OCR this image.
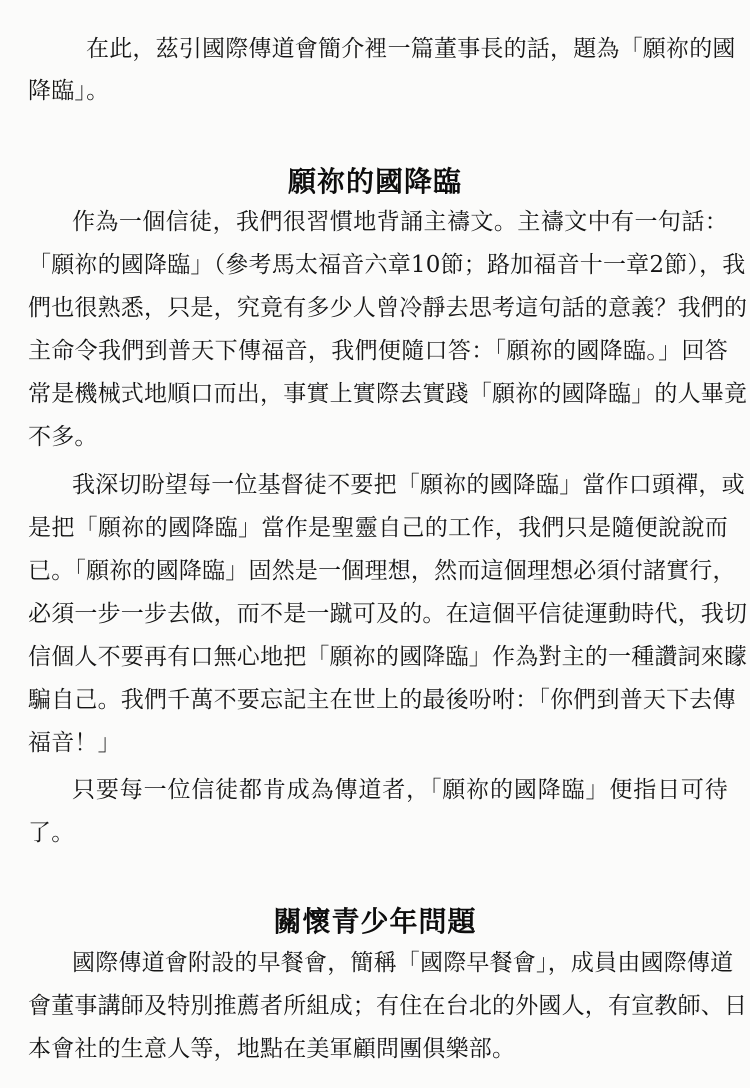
在此，茲引國際傳道會簡介裡一篇董事長的話，題為「願祢的國
降臨」。
願祢的國降臨
作為一個信徒，我們很習慣地背誦主禱文。主禱文中有一句話：
「願祢的國降臨」（參考馬太福音六章10節；路加福音十一章2節），我
們也很熟悉，只是，究竟有多少人曾冷靜去思考這句話的意義？我們的
主命令我們到普天下傳福音，我們便隨口答：「願祢的國降臨。」回答
常是機械式地順口而出，事實上實際去實踐「願祢的國降臨」的人畢竟
不多。
我深切盼望每一位基督徒不要把「願祢的國降臨」當作口頭禪，或
是把「願祢的國降臨」當作是聖靈自己的工作，我們只是隨便說說而
已。「願祢的國降臨」固然是一個理想，然而這個理想必須付諸實行，
必須一步一步去做，而不是一蹴可及的。在這個平信徒運動時代，我切
信個人不要再有口無心地把「願祢的國降臨」作為對主的一種讚詞來矇
騙自己。我們千萬不要忘記主在世上的最後吩咐：「你們到普天下去傳
福音！」
只要每一位信徒都肯成為傳道者，「願祢的國降臨」便指日可待
了。
關懷青少年問題
國際傳道會附設的早餐會，簡稱「國際早餐會」，成員由國際傳道
會董事講師及特別推薦者所組成；有住在台北的外國人，有宣教師、日
本會社的生意人等，地點在美軍顧問團俱樂部。
